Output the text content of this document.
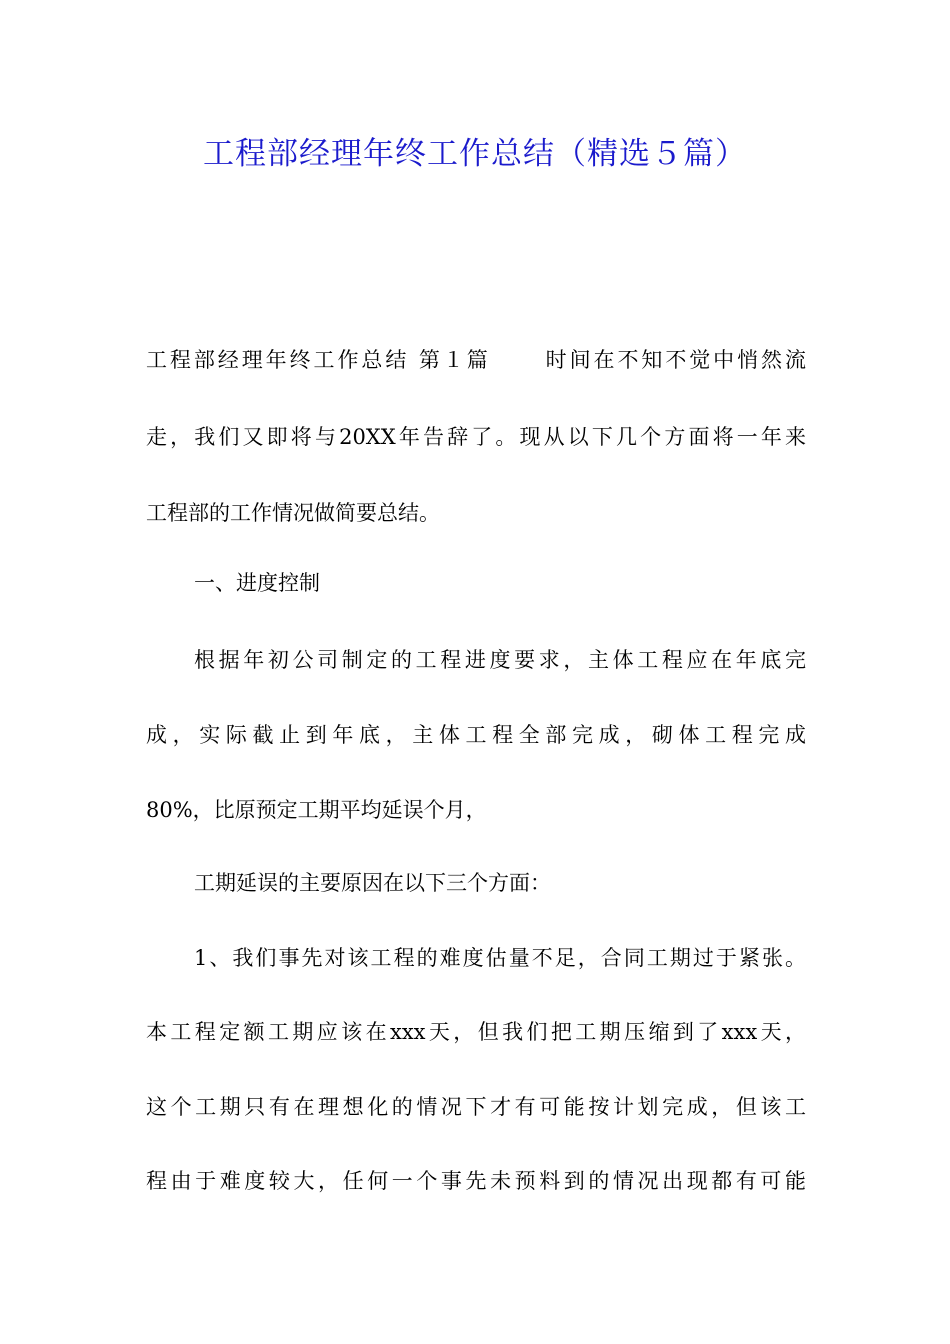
工程部经理年终工作总结（精选５篇）
工程部经理年终工作总结 第１篇 时间在不知不觉中悄然流
走，我们又即将与20XX年告辞了。现从以下几个方面将一年来
工程部的工作情况做简要总结。
一、进度控制
根据年初公司制定的工程进度要求，主体工程应在年底完
成，实际截止到年底，主体工程全部完成，砌体工程完成
80%，比原预定工期平均延误个月，
工期延误的主要原因在以下三个方面：
1、我们事先对该工程的难度估量不足，合同工期过于紧张。
本工程定额工期应该在xxx天，但我们把工期压缩到了xxx天，
这个工期只有在理想化的情况下才有可能按计划完成，但该工
程由于难度较大，任何一个事先未预料到的情况出现都有可能
